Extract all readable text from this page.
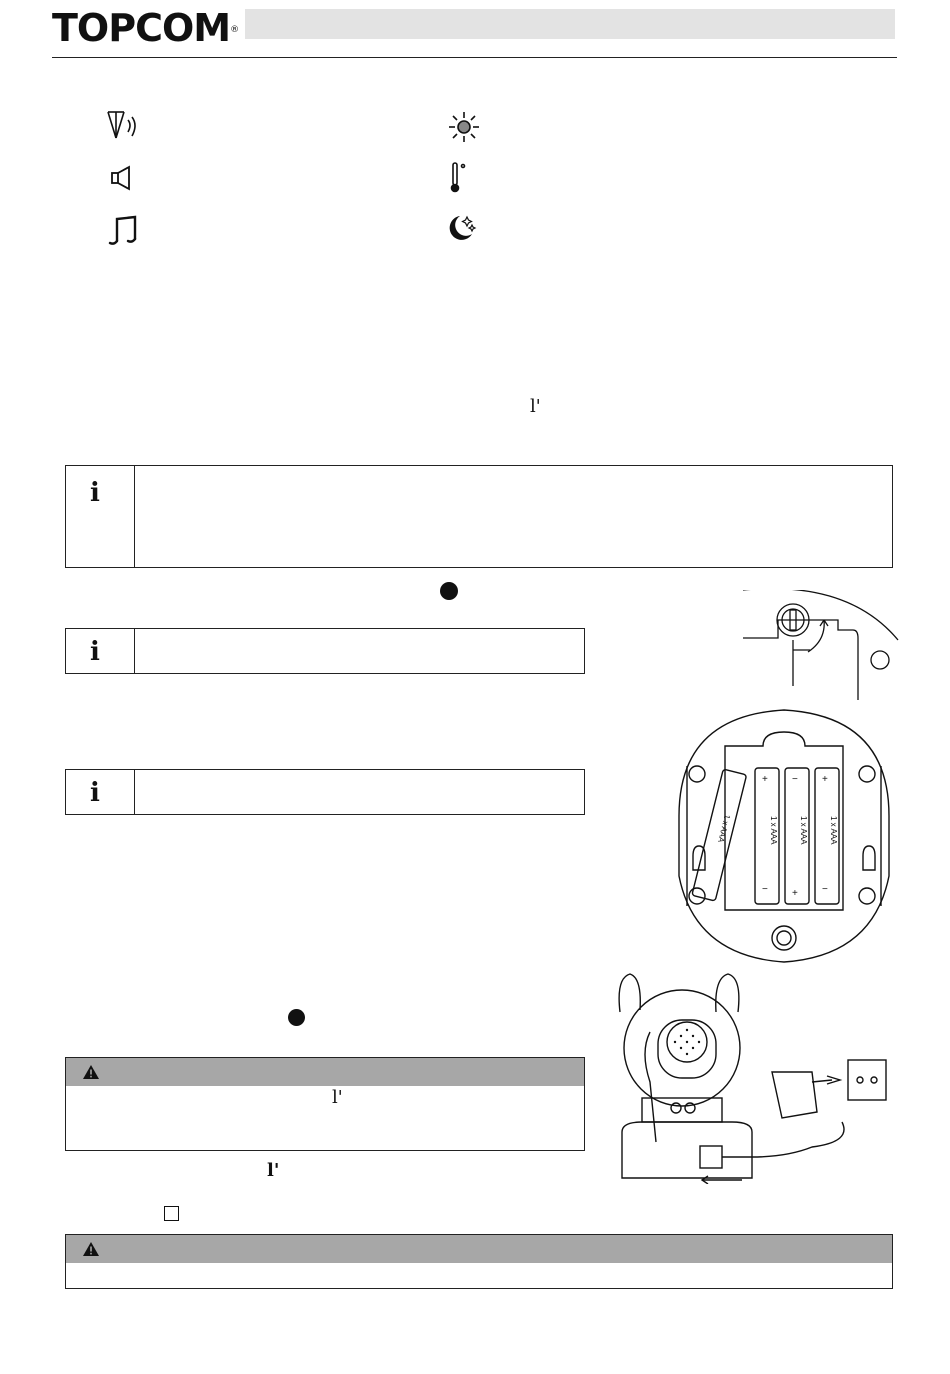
TOPCOM ®
l'
i
i
i	+
−
−
+
+
−
1 x AAA	1 x AAA	1 x AAA
1 x AAA
l'
l'
